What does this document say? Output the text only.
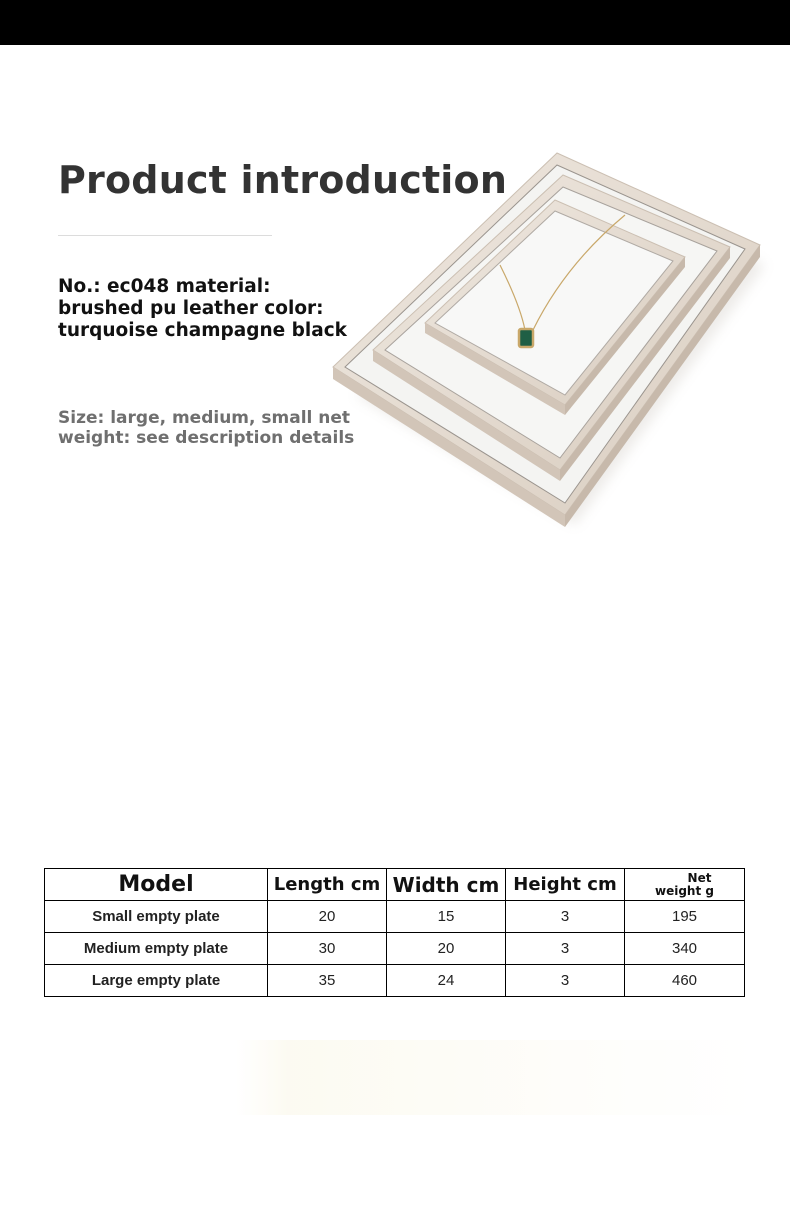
Product introduction

No.: ec048 material: brushed pu leather color: turquoise champagne black

Size: large, medium, small net weight: see description details

Model	Length cm	Width cm	Height cm	Net
weight g

Small empty plate	20	15	3	195
Medium empty plate	30	20	3	340
Large empty plate	35	24	3	460
